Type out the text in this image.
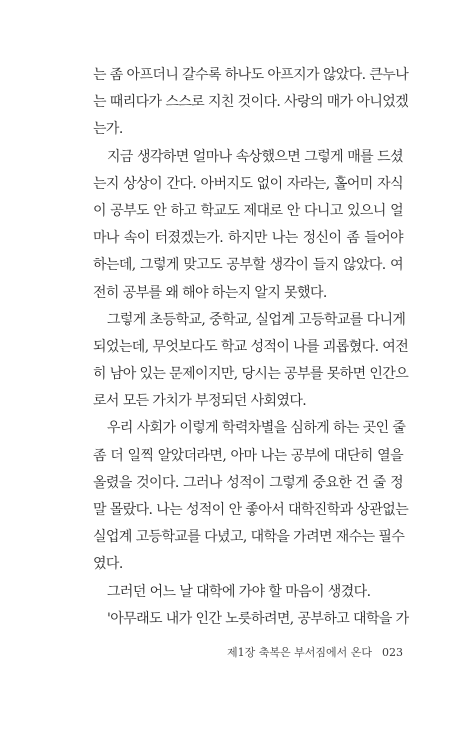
는 좀 아프더니 갈수록 하나도 아프지가 않았다. 큰누나
는 때리다가 스스로 지친 것이다. 사랑의 매가 아니었겠
는가.
지금 생각하면 얼마나 속상했으면 그렇게 매를 드셨
는지 상상이 간다. 아버지도 없이 자라는, 홀어미 자식
이 공부도 안 하고 학교도 제대로 안 다니고 있으니 얼
마나 속이 터졌겠는가. 하지만 나는 정신이 좀 들어야
하는데, 그렇게 맞고도 공부할 생각이 들지 않았다. 여
전히 공부를 왜 해야 하는지 알지 못했다.
그렇게 초등학교, 중학교, 실업계 고등학교를 다니게
되었는데, 무엇보다도 학교 성적이 나를 괴롭혔다. 여전
히 남아 있는 문제이지만, 당시는 공부를 못하면 인간으
로서 모든 가치가 부정되던 사회였다.
우리 사회가 이렇게 학력차별을 심하게 하는 곳인 줄
좀 더 일찍 알았더라면, 아마 나는 공부에 대단히 열을
올렸을 것이다. 그러나 성적이 그렇게 중요한 건 줄 정
말 몰랐다. 나는 성적이 안 좋아서 대학진학과 상관없는
실업계 고등학교를 다녔고, 대학을 가려면 재수는 필수
였다.
그러던 어느 날 대학에 가야 할 마음이 생겼다.
'아무래도 내가 인간 노릇하려면, 공부하고 대학을 가
제1장 축복은 부서짐에서 온다 023
